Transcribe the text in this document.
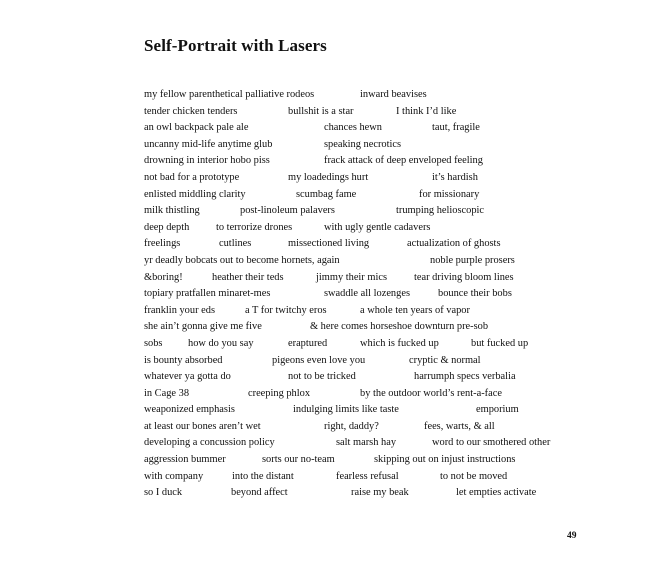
Self-Portrait with Lasers
my fellow parenthetical palliative rodeos	inward beavises
tender chicken tenders	bullshit is a star	I think I’d like
an owl backpack pale ale	chances hewn	taut, fragile
uncanny mid-life anytime glub	speaking necrotics
drowning in interior hobo piss	frack attack of deep enveloped feeling
not bad for a prototype	my loadedings hurt	it’s hardish
enlisted middling clarity	scumbag fame	for missionary
milk thistling	post-linoleum palavers	trumping helioscopic
deep depth	to terrorize drones	with ugly gentle cadavers
freelings	cutlines	missectioned living	actualization of ghosts
yr deadly bobcats out to become hornets, again	noble purple prosers
&boring!	heather their teds	jimmy their mics	tear driving bloom lines
topiary pratfallen minaret-mes	swaddle all lozenges	bounce their bobs
franklin your eds	a T for twitchy eros	a whole ten years of vapor
she ain’t gonna give me five	& here comes horseshoe downturn pre-sob
sobs how do you say	eraptured	which is fucked up	but fucked up
is bounty absorbed	pigeons even love you	cryptic & normal
whatever ya gotta do	not to be tricked	harrumph specs verbalia
in Cage 38	creeping phlox	by the outdoor world’s rent-a-face
weaponized emphasis	indulging limits like taste	emporium
at least our bones aren’t wet	right, daddy?	fees, warts, & all
developing a concussion policy	salt marsh hay	word to our smothered other
aggression bummer	sorts our no-team	skipping out on injust instructions
with company	into the distant	fearless refusal	to not be moved
so I duck	beyond affect	raise my beak	let empties activate
49
